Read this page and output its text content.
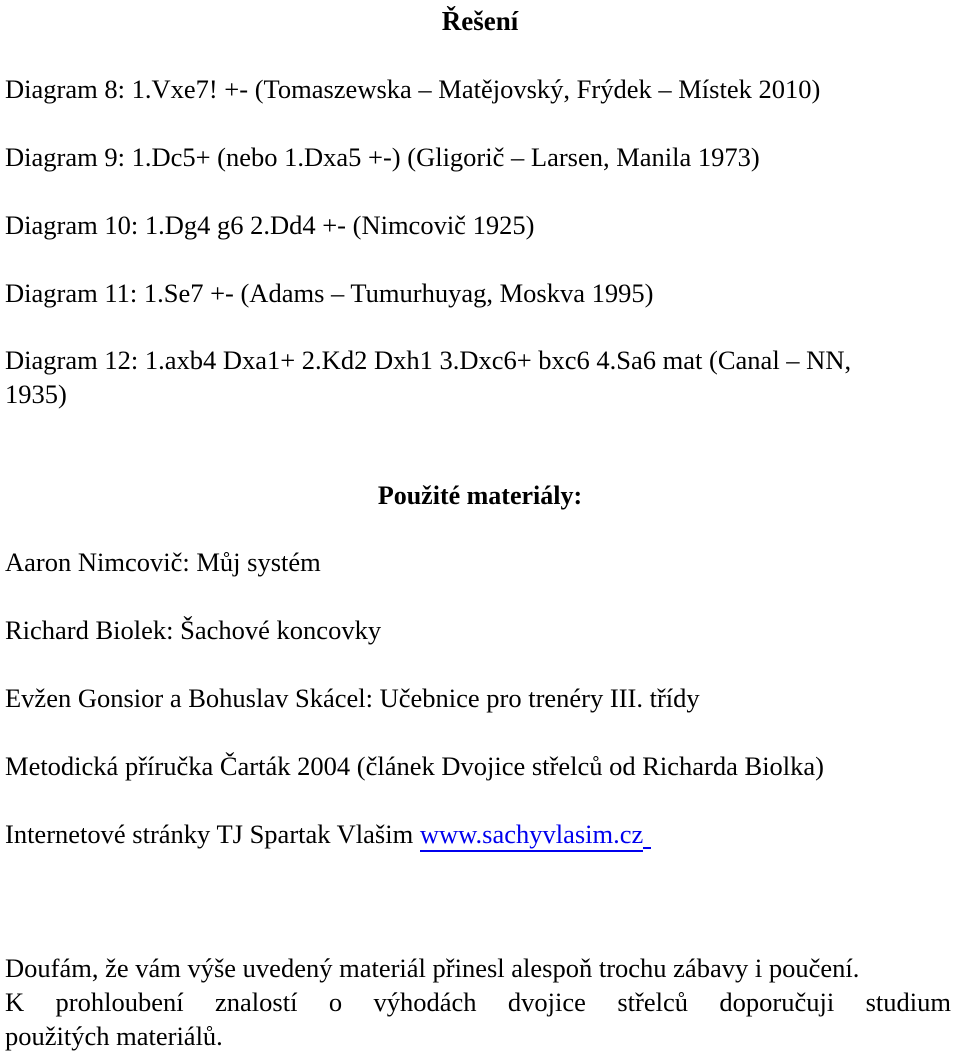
Řešení

Diagram 8: 1.Vxe7! +- (Tomaszewska – Matějovský, Frýdek – Místek 2010)

Diagram 9: 1.Dc5+ (nebo 1.Dxa5 +-) (Gligorič – Larsen, Manila 1973)

Diagram 10: 1.Dg4 g6 2.Dd4 +- (Nimcovič 1925)

Diagram 11: 1.Se7 +- (Adams – Tumurhuyag, Moskva 1995)

Diagram 12: 1.axb4 Dxa1+ 2.Kd2 Dxh1 3.Dxc6+ bxc6 4.Sa6 mat (Canal – NN, 1935)

Použité materiály:

Aaron Nimcovič: Můj systém

Richard Biolek: Šachové koncovky

Evžen Gonsior a Bohuslav Skácel: Učebnice pro trenéry III. třídy

Metodická příručka Čarták 2004 (článek Dvojice střelců od Richarda Biolka)

Internetové stránky TJ Spartak Vlašim www.sachyvlasim.cz

Doufám, že vám výše uvedený materiál přinesl alespoň trochu zábavy i poučení.

K prohloubení znalostí o výhodách dvojice střelců doporučuji studium

použitých materiálů.
